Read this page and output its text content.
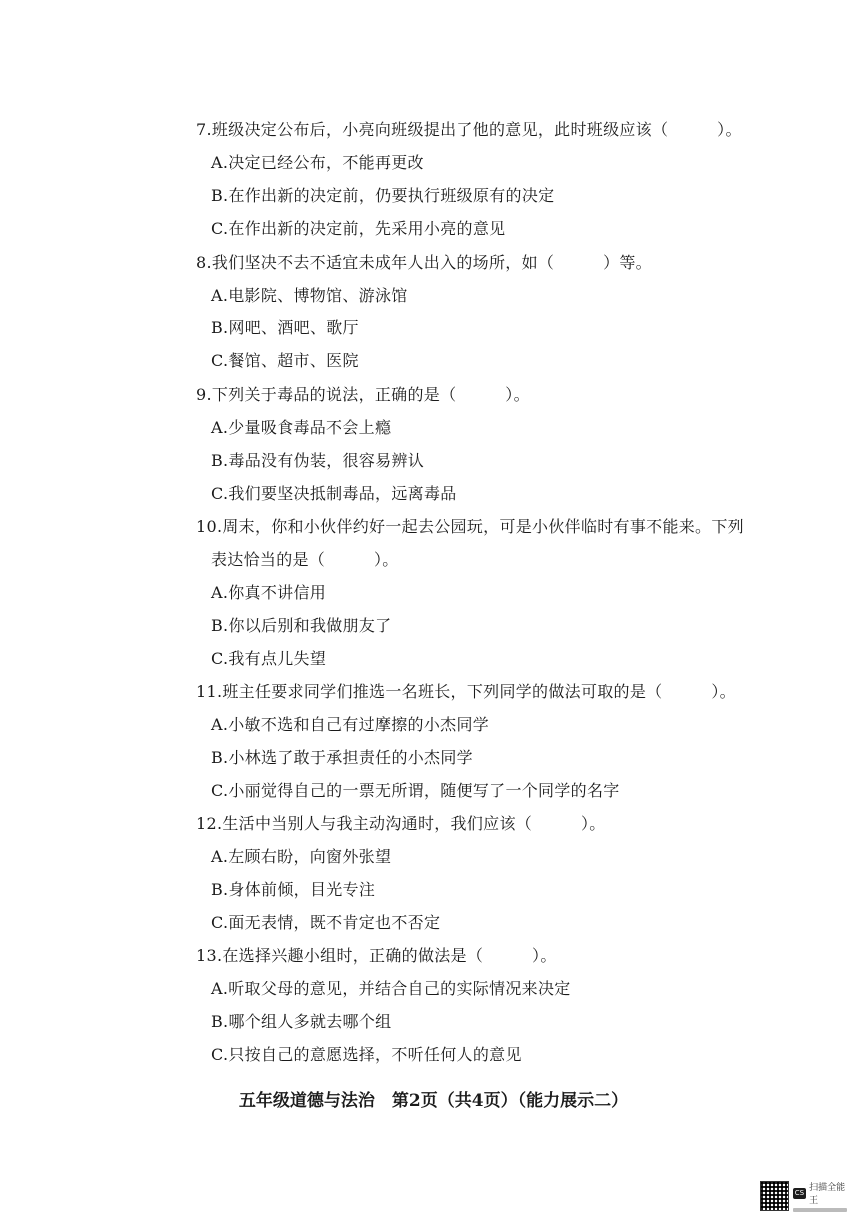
7.班级决定公布后，小亮向班级提出了他的意见，此时班级应该（　　　）。
A.决定已经公布，不能再更改
B.在作出新的决定前，仍要执行班级原有的决定
C.在作出新的决定前，先采用小亮的意见
8.我们坚决不去不适宜未成年人出入的场所，如（　　　）等。
A.电影院、博物馆、游泳馆
B.网吧、酒吧、歌厅
C.餐馆、超市、医院
9.下列关于毒品的说法，正确的是（　　　）。
A.少量吸食毒品不会上瘾
B.毒品没有伪装，很容易辨认
C.我们要坚决抵制毒品，远离毒品
10.周末，你和小伙伴约好一起去公园玩，可是小伙伴临时有事不能来。下列
表达恰当的是（　　　）。
A.你真不讲信用
B.你以后别和我做朋友了
C.我有点儿失望
11.班主任要求同学们推选一名班长，下列同学的做法可取的是（　　　）。
A.小敏不选和自己有过摩擦的小杰同学
B.小林选了敢于承担责任的小杰同学
C.小丽觉得自己的一票无所谓，随便写了一个同学的名字
12.生活中当别人与我主动沟通时，我们应该（　　　）。
A.左顾右盼，向窗外张望
B.身体前倾，目光专注
C.面无表情，既不肯定也不否定
13.在选择兴趣小组时，正确的做法是（　　　）。
A.听取父母的意见，并结合自己的实际情况来决定
B.哪个组人多就去哪个组
C.只按自己的意愿选择，不听任何人的意见
五年级道德与法治　第2页（共4页）（能力展示二）
CS 扫描全能王
